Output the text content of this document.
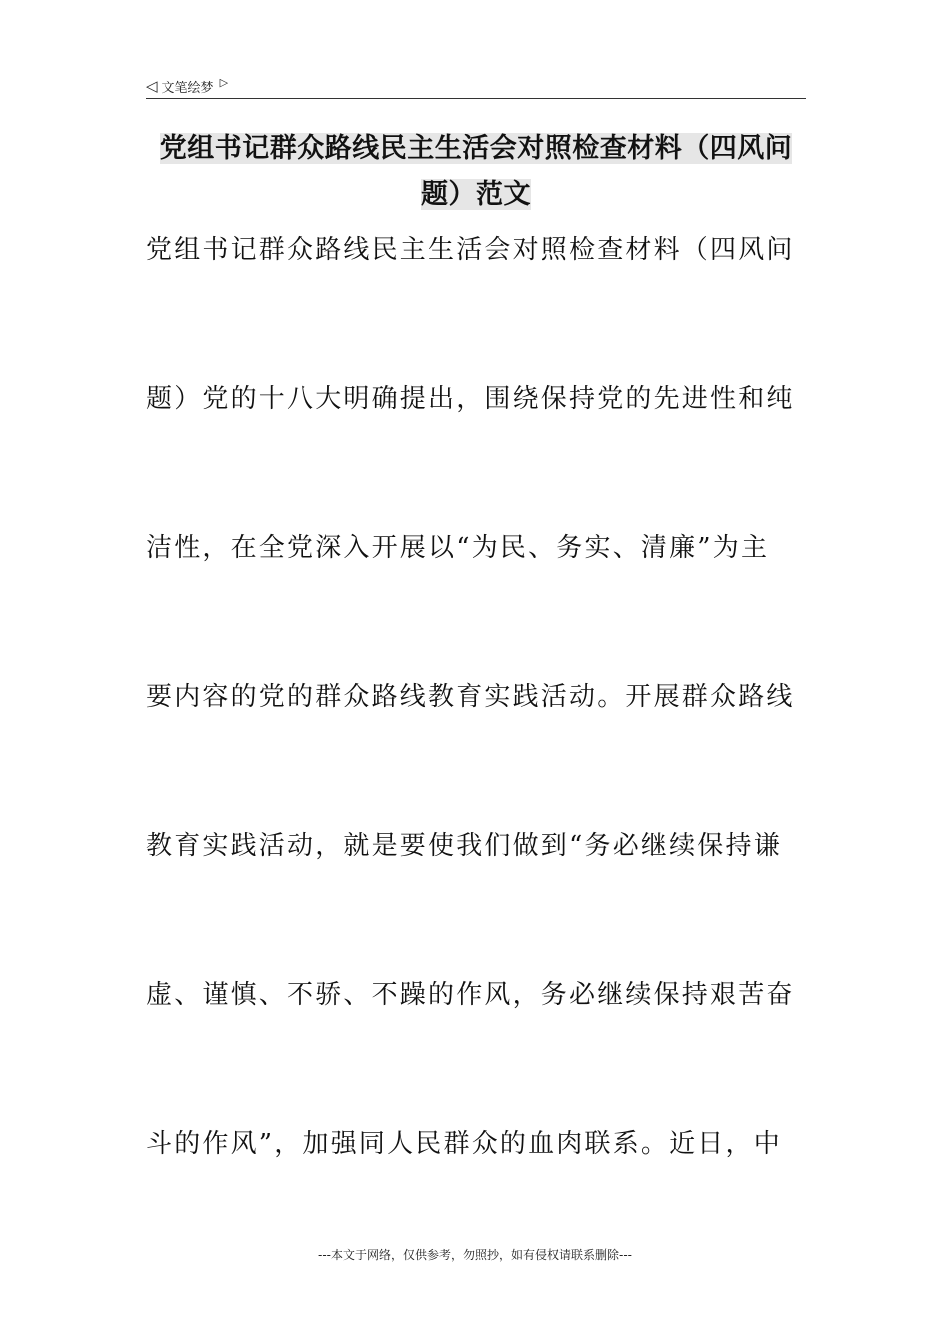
◁ 文笔绘梦 ▷
党组书记群众路线民主生活会对照检查材料（四风问
题）范文
党组书记群众路线民主生活会对照检查材料（四风问
题）党的十八大明确提出，围绕保持党的先进性和纯
洁性，在全党深入开展以“为民、务实、清廉”为主
要内容的党的群众路线教育实践活动。开展群众路线
教育实践活动，就是要使我们做到“务必继续保持谦
虚、谨慎、不骄、不躁的作风，务必继续保持艰苦奋
斗的作风”，加强同人民群众的血肉联系。近日，中
---本文于网络，仅供参考，勿照抄，如有侵权请联系删除---
